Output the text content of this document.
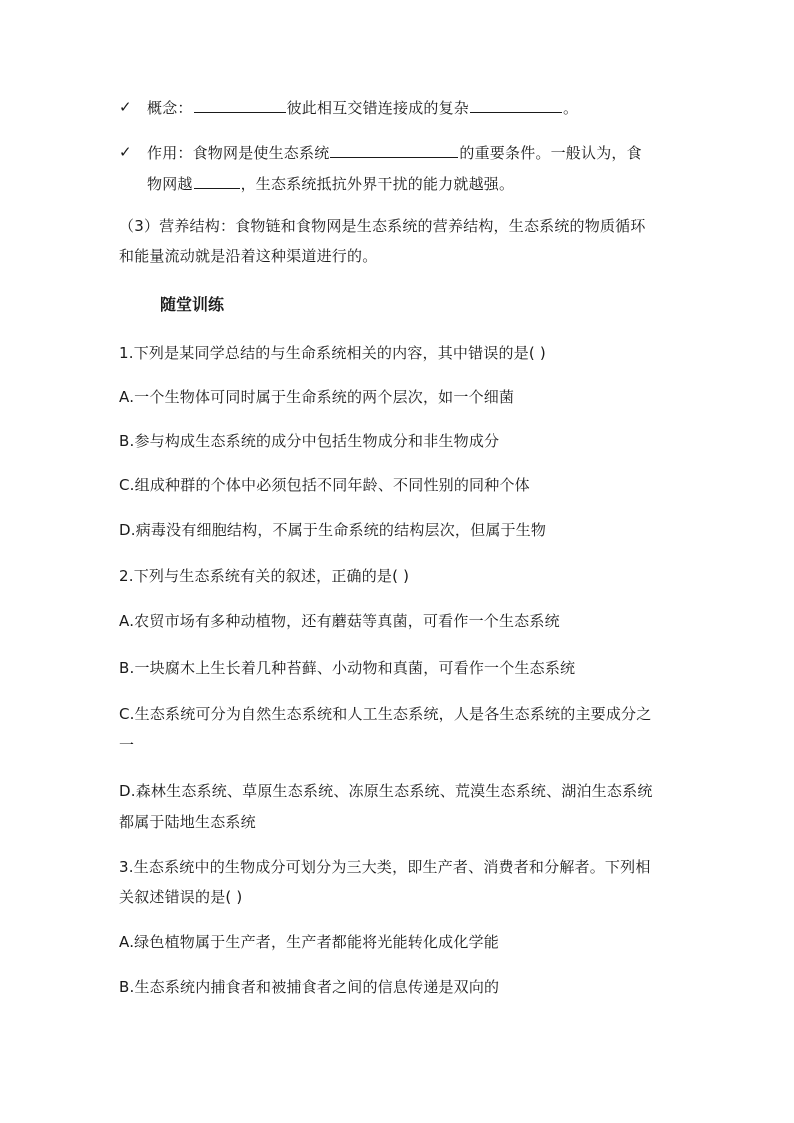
✓ 概念：	彼此相互交错连接成的复杂	。
✓ 作用：食物网是使生态系统	的重要条件。一般认为，食
物网越	，生态系统抵抗外界干扰的能力就越强。
（3）营养结构：食物链和食物网是生态系统的营养结构，生态系统的物质循环
和能量流动就是沿着这种渠道进行的。
随堂训练
1.下列是某同学总结的与生命系统相关的内容，其中错误的是( )
A.一个生物体可同时属于生命系统的两个层次，如一个细菌
B.参与构成生态系统的成分中包括生物成分和非生物成分
C.组成种群的个体中必须包括不同年龄、不同性别的同种个体
D.病毒没有细胞结构，不属于生命系统的结构层次，但属于生物
2.下列与生态系统有关的叙述，正确的是( )
A.农贸市场有多种动植物，还有蘑菇等真菌，可看作一个生态系统
B.一块腐木上生长着几种苔藓、小动物和真菌，可看作一个生态系统
C.生态系统可分为自然生态系统和人工生态系统，人是各生态系统的主要成分之
一
D.森林生态系统、草原生态系统、冻原生态系统、荒漠生态系统、湖泊生态系统
都属于陆地生态系统
3.生态系统中的生物成分可划分为三大类，即生产者、消费者和分解者。下列相
关叙述错误的是( )
A.绿色植物属于生产者，生产者都能将光能转化成化学能
B.生态系统内捕食者和被捕食者之间的信息传递是双向的
